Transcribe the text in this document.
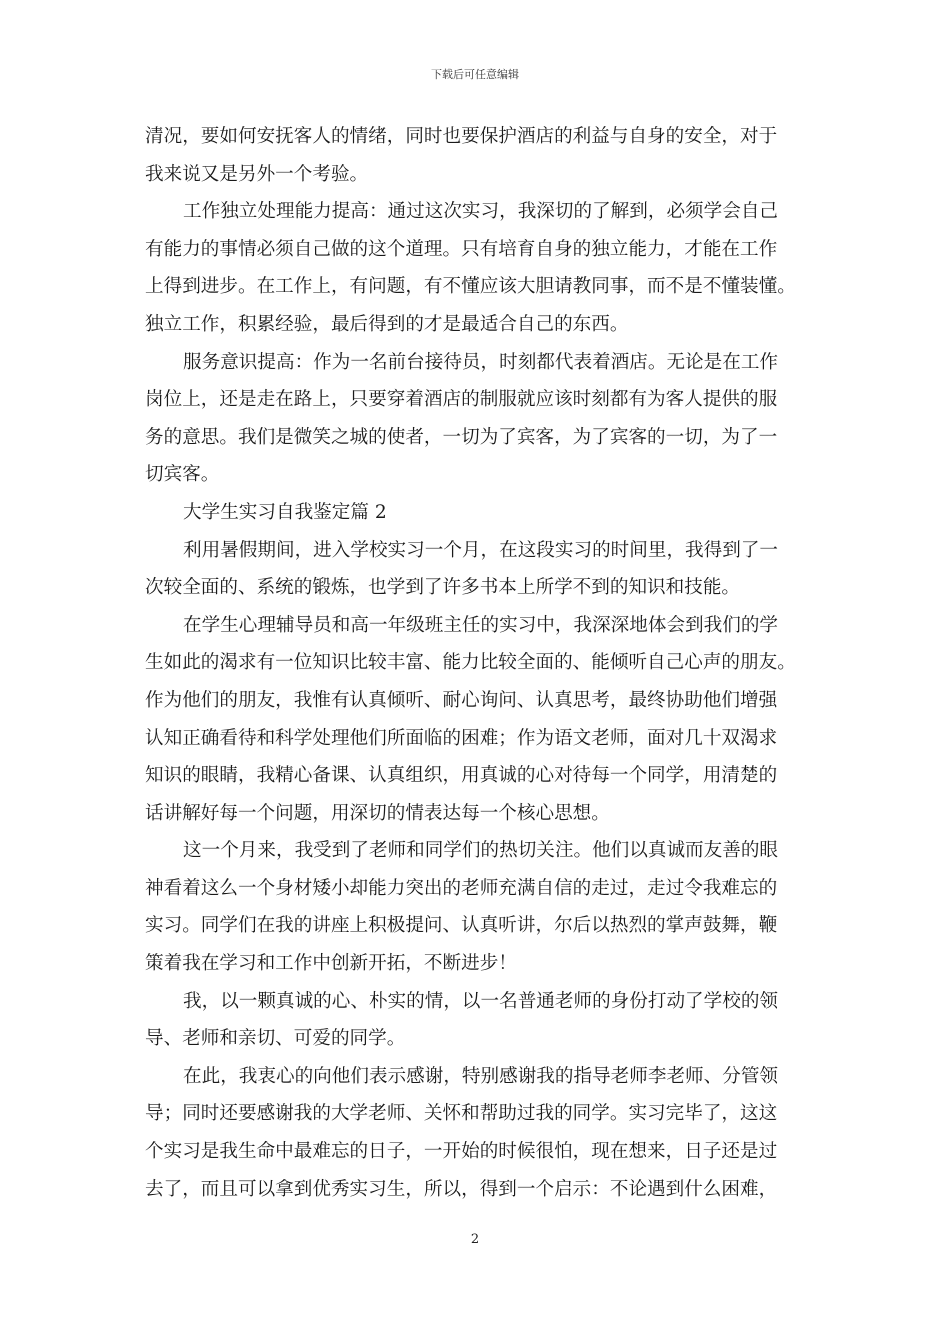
下载后可任意编辑
清况，要如何安抚客人的情绪，同时也要保护酒店的利益与自身的安全，对于
我来说又是另外一个考验。
工作独立处理能力提高：通过这次实习，我深切的了解到，必须学会自己
有能力的事情必须自己做的这个道理。只有培育自身的独立能力，才能在工作
上得到进步。在工作上，有问题，有不懂应该大胆请教同事，而不是不懂装懂。
独立工作，积累经验，最后得到的才是最适合自己的东西。
服务意识提高：作为一名前台接待员，时刻都代表着酒店。无论是在工作
岗位上，还是走在路上，只要穿着酒店的制服就应该时刻都有为客人提供的服
务的意思。我们是微笑之城的使者，一切为了宾客，为了宾客的一切，为了一
切宾客。
大学生实习自我鉴定篇 2
利用暑假期间，进入学校实习一个月，在这段实习的时间里，我得到了一
次较全面的、系统的锻炼，也学到了许多书本上所学不到的知识和技能。
在学生心理辅导员和高一年级班主任的实习中，我深深地体会到我们的学
生如此的渴求有一位知识比较丰富、能力比较全面的、能倾听自己心声的朋友。
作为他们的朋友，我惟有认真倾听、耐心询问、认真思考，最终协助他们增强
认知正确看待和科学处理他们所面临的困难；作为语文老师，面对几十双渴求
知识的眼睛，我精心备课、认真组织，用真诚的心对待每一个同学，用清楚的
话讲解好每一个问题，用深切的情表达每一个核心思想。
这一个月来，我受到了老师和同学们的热切关注。他们以真诚而友善的眼
神看着这么一个身材矮小却能力突出的老师充满自信的走过，走过令我难忘的
实习。同学们在我的讲座上积极提问、认真听讲，尔后以热烈的掌声鼓舞，鞭
策着我在学习和工作中创新开拓，不断进步！
我，以一颗真诚的心、朴实的情，以一名普通老师的身份打动了学校的领
导、老师和亲切、可爱的同学。
在此，我衷心的向他们表示感谢，特别感谢我的指导老师李老师、分管领
导；同时还要感谢我的大学老师、关怀和帮助过我的同学。实习完毕了，这这
个实习是我生命中最难忘的日子，一开始的时候很怕，现在想来，日子还是过
去了，而且可以拿到优秀实习生，所以，得到一个启示：不论遇到什么困难，
2
